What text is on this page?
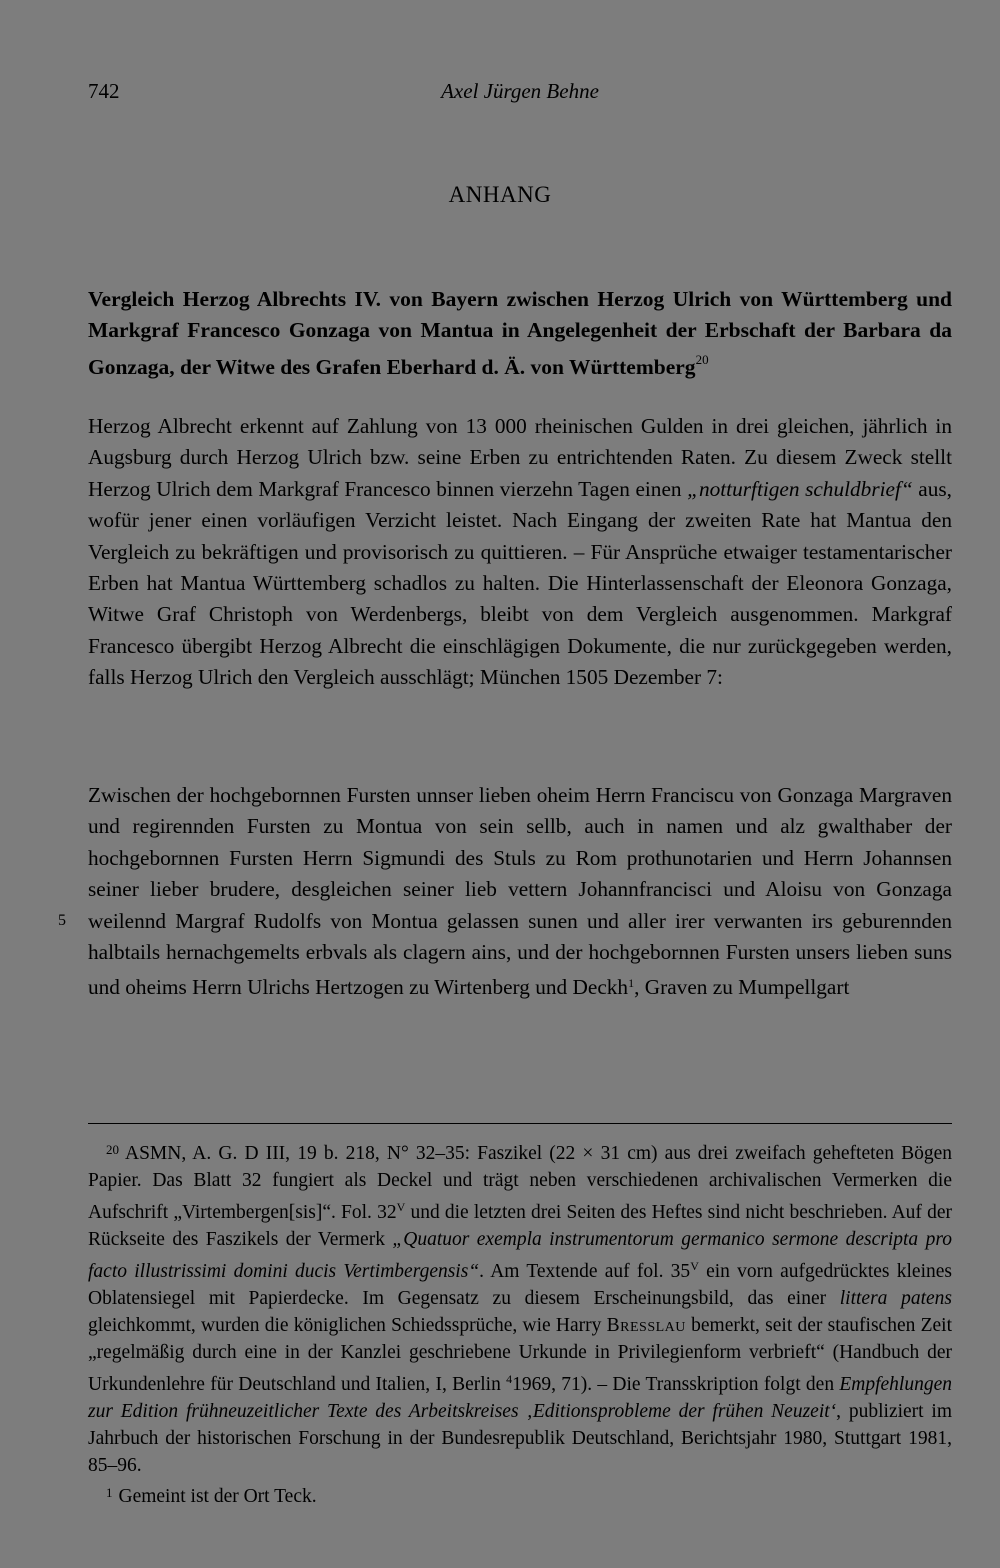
742	Axel Jürgen Behne
ANHANG

Vergleich Herzog Albrechts IV. von Bayern zwischen Herzog Ulrich von Württemberg und Markgraf Francesco Gonzaga von Mantua in Angelegenheit der Erbschaft der Barbara da Gonzaga, der Witwe des Grafen Eberhard d. Ä. von Württemberg$^{20}$

Herzog Albrecht erkennt auf Zahlung von 13 000 rheinischen Gulden in drei gleichen, jährlich in Augsburg durch Herzog Ulrich bzw. seine Erben zu entrichtenden Raten. Zu diesem Zweck stellt Herzog Ulrich dem Markgraf Francesco binnen vierzehn Tagen einen „notturftigen schuldbrief“ aus, wofür jener einen vorläufigen Verzicht leistet. Nach Eingang der zweiten Rate hat Mantua den Vergleich zu bekräftigen und provisorisch zu quittieren. – Für Ansprüche etwaiger testamentarischer Erben hat Mantua Württemberg schadlos zu halten. Die Hinterlassenschaft der Eleonora Gonzaga, Witwe Graf Christoph von Werdenbergs, bleibt von dem Vergleich ausgenommen. Markgraf Francesco übergibt Herzog Albrecht die einschlägigen Dokumente, die nur zurückgegeben werden, falls Herzog Ulrich den Vergleich ausschlägt; München 1505 Dezember 7:

Zwischen der hochgebornnen Fursten unnser lieben oheim Herrn Franciscu von Gonzaga Margraven und regirennden Fursten zu Montua von sein sellb, auch in namen und alz gwalthaber der hochgebornnen Fursten Herrn Sigmundi des Stuls zu Rom prothunotarien und Herrn Johannsen seiner lieber brudere, desgleichen seiner lieb vettern Johannfrancisci und Aloisu von Gonzaga weilennd Margraf Rudolfs von Montua gelassen sunen und aller irer verwanten irs geburennden halbtails hernachgemelts erbvals als clagern ains, und der hochgebornnen Fursten unsers lieben suns und oheims Herrn Ulrichs Hertzogen zu Wirtenberg und Deckh$^1$, Graven zu Mumpellgart

5

$^{20}$ ASMN, A. G. D III, 19 b. 218, N° 32–35: Faszikel (22 × 31 cm) aus drei zweifach gehefteten Bögen Papier. Das Blatt 32 fungiert als Deckel und trägt neben verschiedenen archivalischen Vermerken die Aufschrift „Virtembergen[sis]“. Fol. $32^V$ und die letzten drei Seiten des Heftes sind nicht beschrieben. Auf der Rückseite des Faszikels der Vermerk „Quatuor exempla instrumentorum germanico sermone descripta pro facto illustrissimi domini ducis Vertimbergensis“. Am Textende auf fol. $35^V$ ein vorn aufgedrücktes kleines Oblatensiegel mit Papierdecke. Im Gegensatz zu diesem Erscheinungsbild, das einer littera patens gleichkommt, wurden die königlichen Schiedssprüche, wie Harry Bresslau bemerkt, seit der staufischen Zeit „regelmäßig durch eine in der Kanzlei geschriebene Urkunde in Privilegienform verbrieft“ (Handbuch der Urkundenlehre für Deutschland und Italien, I, Berlin $^4$1969, 71). – Die Transskription folgt den Empfehlungen zur Edition frühneuzeitlicher Texte des Arbeitskreises ‚Editionsprobleme der frühen Neuzeit‘, publiziert im Jahrbuch der historischen Forschung in der Bundesrepublik Deutschland, Berichtsjahr 1980, Stuttgart 1981, 85–96.

$^1$ Gemeint ist der Ort Teck.
